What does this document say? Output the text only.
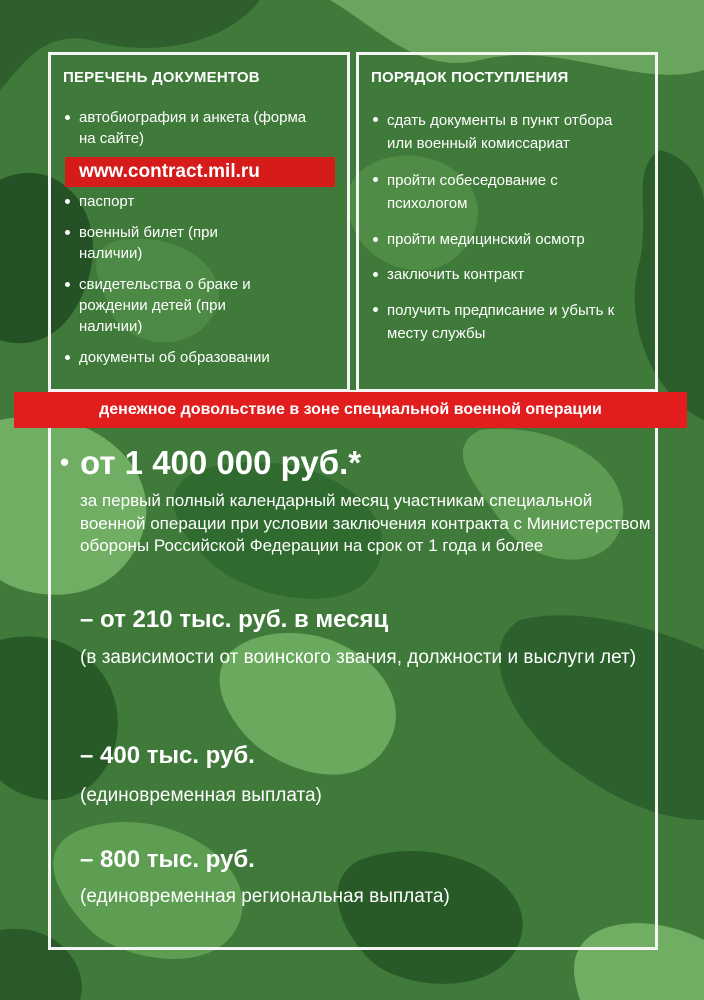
ПЕРЕЧЕНЬ ДОКУМЕНТОВ
автобиография и анкета (форма на сайте)
www.contract.mil.ru
паспорт
военный билет (при наличии)
свидетельства о браке и рождении детей (при наличии)
документы об образовании
ПОРЯДОК ПОСТУПЛЕНИЯ
сдать документы в пункт отбора или военный комиссариат
пройти собеседование с психологом
пройти медицинский осмотр
заключить контракт
получить предписание и убыть к месту службы
денежное довольствие в зоне специальной военной операции
• от 1 400 000 руб.*
за первый полный календарный месяц участникам специальной военной операции при условии заключения контракта с Министерством обороны Российской Федерации на срок от 1 года и более
– от 210 тыс. руб. в месяц
(в зависимости от воинского звания, должности и выслуги лет)
– 400 тыс. руб.
(единовременная выплата)
– 800 тыс. руб.
(единовременная региональная выплата)
